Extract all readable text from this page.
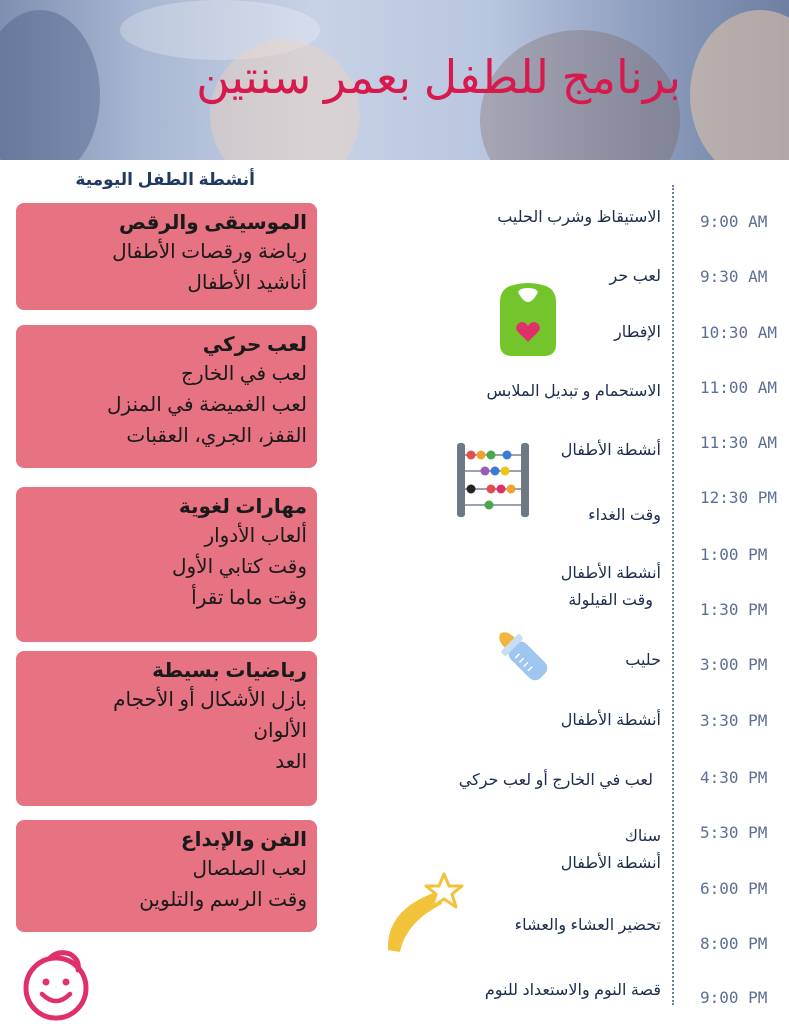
برنامج للطفل بعمر سنتين
أنشطة الطفل اليومية
الموسيقى والرقص
رياضة ورقصات الأطفال
أناشيد الأطفال
لعب حركي
لعب في الخارج
لعب الغميضة في المنزل
القفز، الجري، العقبات
مهارات لغوية
ألعاب الأدوار
وقت كتابي الأول
وقت ماما تقرأ
رياضيات بسيطة
بازل الأشكال أو الأحجام
الألوان
العد
الفن والإبداع
لعب الصلصال
وقت الرسم والتلوين
9:00 AM
9:30 AM
10:30 AM
11:00 AM
11:30 AM
12:30 PM
1:00 PM
1:30 PM
3:00 PM
3:30 PM
4:30 PM
5:30 PM
6:00 PM
8:00 PM
9:00 PM
الاستيقاظ وشرب الحليب
لعب حر
الإفطار
الاستحمام و تبديل الملابس
أنشطة الأطفال
وقت الغداء
أنشطة الأطفال
وقت القيلولة
حليب
أنشطة الأطفال
لعب في الخارج أو لعب حركي
سناك
أنشطة الأطفال
تحضير العشاء والعشاء
قصة النوم والاستعداد للنوم
